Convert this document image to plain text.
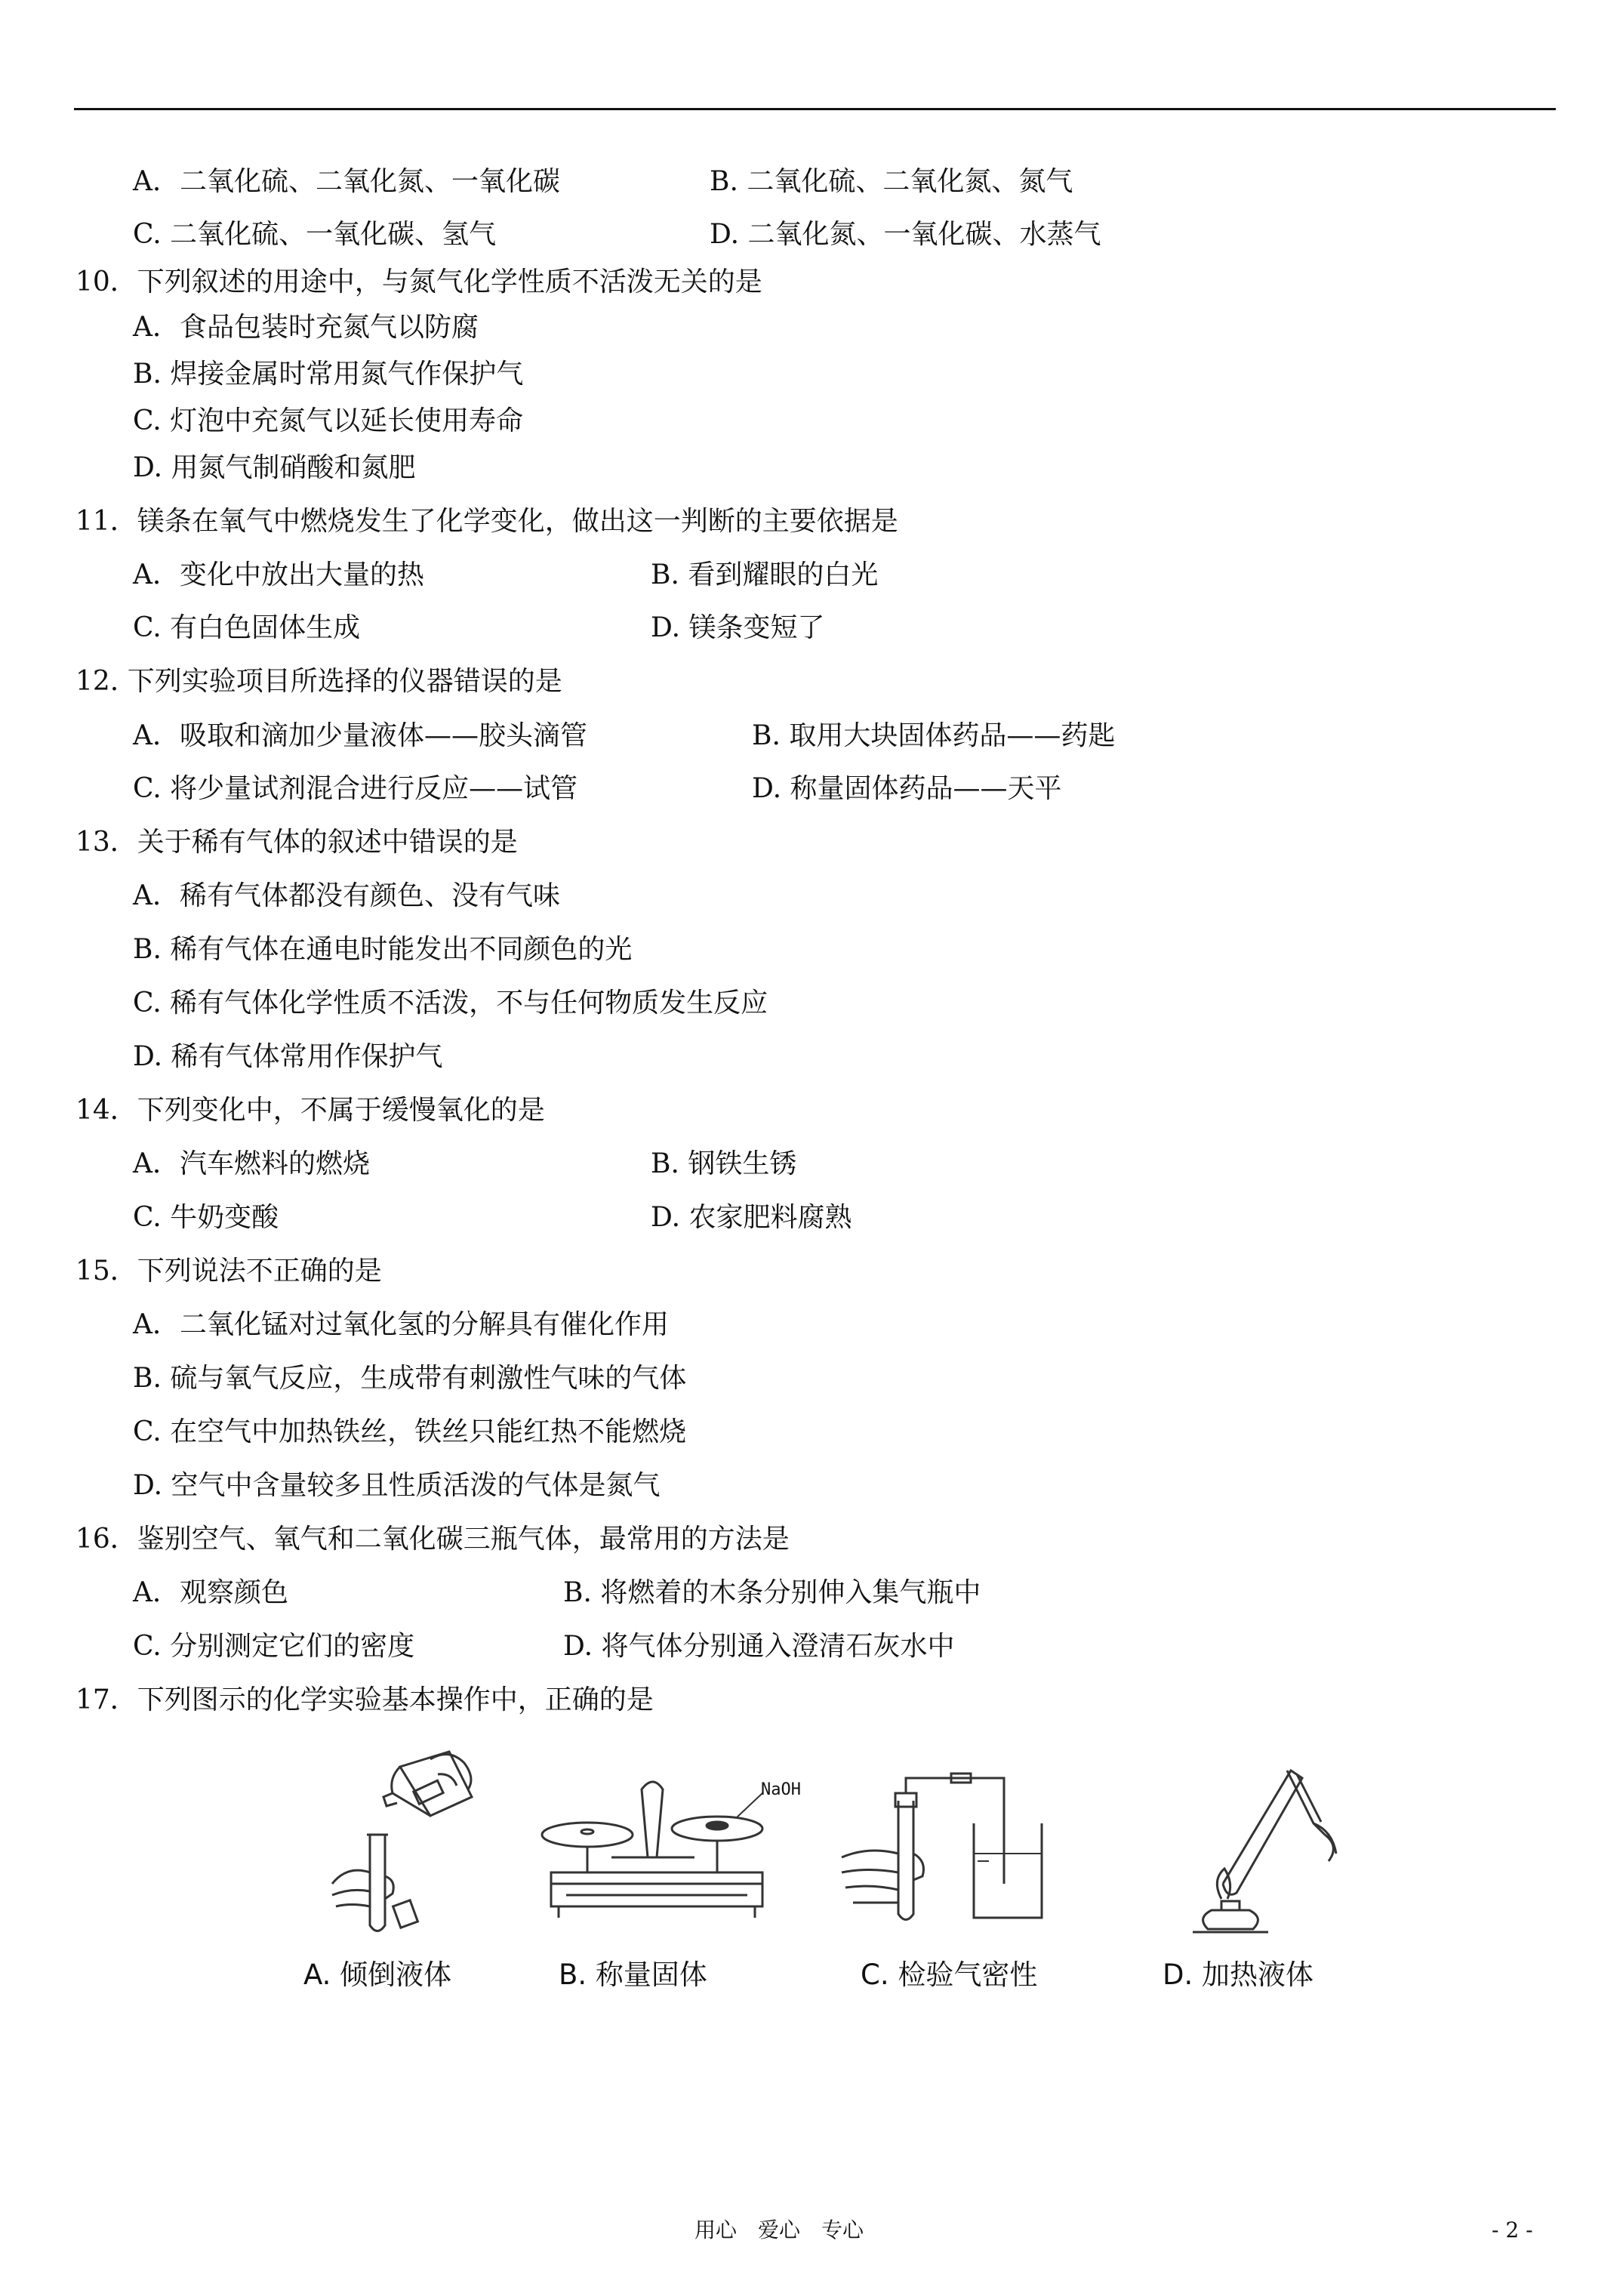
A．二氧化硫、二氧化氮、一氧化碳	B. 二氧化硫、二氧化氮、氮气
C. 二氧化硫、一氧化碳、氢气	D. 二氧化氮、一氧化碳、水蒸气
10．下列叙述的用途中，与氮气化学性质不活泼无关的是
A．食品包装时充氮气以防腐
B. 焊接金属时常用氮气作保护气
C. 灯泡中充氮气以延长使用寿命
D. 用氮气制硝酸和氮肥
11．镁条在氧气中燃烧发生了化学变化，做出这一判断的主要依据是
A．变化中放出大量的热	B. 看到耀眼的白光
C. 有白色固体生成	D. 镁条变短了
12. 下列实验项目所选择的仪器错误的是
A．吸取和滴加少量液体——胶头滴管	B. 取用大块固体药品——药匙
C. 将少量试剂混合进行反应——试管	D. 称量固体药品——天平
13．关于稀有气体的叙述中错误的是
A．稀有气体都没有颜色、没有气味
B. 稀有气体在通电时能发出不同颜色的光
C. 稀有气体化学性质不活泼，不与任何物质发生反应
D. 稀有气体常用作保护气
14．下列变化中，不属于缓慢氧化的是
A．汽车燃料的燃烧	B. 钢铁生锈
C. 牛奶变酸	D. 农家肥料腐熟
15．下列说法不正确的是
A．二氧化锰对过氧化氢的分解具有催化作用
B. 硫与氧气反应，生成带有刺激性气味的气体
C. 在空气中加热铁丝，铁丝只能红热不能燃烧
D. 空气中含量较多且性质活泼的气体是氮气
16．鉴别空气、氧气和二氧化碳三瓶气体，最常用的方法是
A．观察颜色	B. 将燃着的木条分别伸入集气瓶中
C. 分别测定它们的密度	D. 将气体分别通入澄清石灰水中
17．下列图示的化学实验基本操作中，正确的是
NaOH
A. 倾倒液体	B. 称量固体	C. 检验气密性	D. 加热液体
用心　爱心　专心	- 2 -
